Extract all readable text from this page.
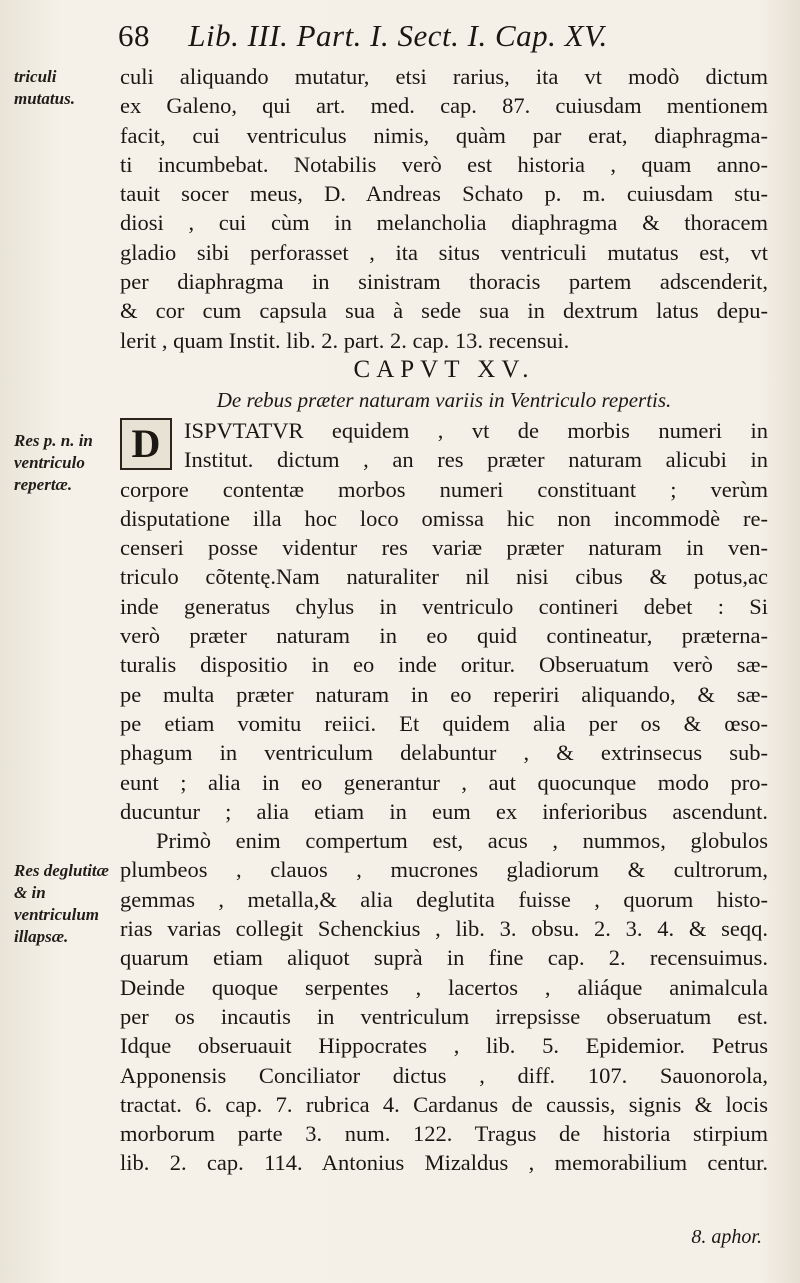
68 Lib. III. Part. I. Sect. I. Cap. XV.
triculi mutatus.
Res p. n. in ventriculo repertæ.
Res deglutitæ & in ventriculum illapsæ.
culi aliquando mutatur, etsi rarius, ita vt modò dictum
ex Galeno, qui art. med. cap. 87. cuiusdam mentionem
facit, cui ventriculus nimis, quàm par erat, diaphragma-
ti incumbebat. Notabilis verò est historia , quam anno-
tauit socer meus, D. Andreas Schato p. m. cuiusdam stu-
diosi , cui cùm in melancholia diaphragma & thoracem
gladio sibi perforasset , ita situs ventriculi mutatus est, vt
per diaphragma in sinistram thoracis partem adscenderit,
& cor cum capsula sua à sede sua in dextrum latus depu-
lerit , quam Instit. lib. 2. part. 2. cap. 13. recensui.
CAPVT XV.
De rebus præter naturam variis in Ventriculo repertis.
D	ISPVTATVR equidem , vt de morbis numeri in
Institut. dictum , an res præter naturam alicubi in
corpore contentæ morbos numeri constituant ; verùm
disputatione illa hoc loco omissa hic non incommodè re-
censeri posse videntur res variæ præter naturam in ven-
triculo cõtentę.Nam naturaliter nil nisi cibus & potus,ac
inde generatus chylus in ventriculo contineri debet : Si
verò præter naturam in eo quid contineatur, præterna-
turalis dispositio in eo inde oritur. Obseruatum verò sæ-
pe multa præter naturam in eo reperiri aliquando, & sæ-
pe etiam vomitu reiici. Et quidem alia per os & œso-
phagum in ventriculum delabuntur , & extrinsecus sub-
eunt ; alia in eo generantur , aut quocunque modo pro-
ducuntur ; alia etiam in eum ex inferioribus ascendunt.
Primò enim compertum est, acus , nummos, globulos
plumbeos , clauos , mucrones gladiorum & cultrorum,
gemmas , metalla,& alia deglutita fuisse , quorum histo-
rias varias collegit Schenckius , lib. 3. obsu. 2. 3. 4. & seqq.
quarum etiam aliquot suprà in fine cap. 2. recensuimus.
Deinde quoque serpentes , lacertos , aliáque animalcula
per os incautis in ventriculum irrepsisse obseruatum est.
Idque obseruauit Hippocrates , lib. 5. Epidemior. Petrus
Apponensis Conciliator dictus , diff. 107. Sauonorola,
tractat. 6. cap. 7. rubrica 4. Cardanus de caussis, signis & locis
morborum parte 3. num. 122. Tragus de historia stirpium
lib. 2. cap. 114. Antonius Mizaldus , memorabilium centur.
8. aphor.
